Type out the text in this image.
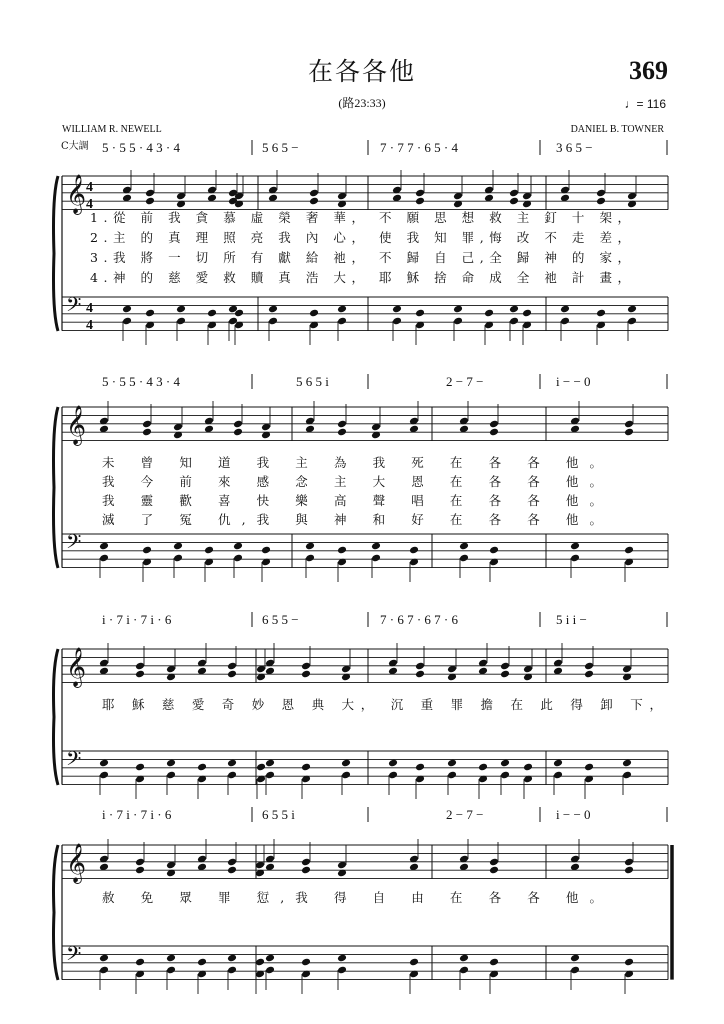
在各各他	369
(路23:33)	♩= 116
WILLIAM R. NEWELL	DANIEL B. TOWNER
C大調 5 · 5 5 · 4 3 · 4	5 6 5 −	7 · 7 7 · 6 5 · 4	3 6 5 −
𝄞 4
4
𝄢 4
4
1.從 前 我 貪 慕 虛 榮 奢 華， 不 願 思 想 救 主 釘 十 架，
2.主 的 真 理 照 亮 我 內 心， 使 我 知 罪,悔 改 不 走 差，
3.我 將 一 切 所 有 獻 給 祂， 不 歸 自 己,全 歸 神 的 家，
4.神 的 慈 愛 救 贖 真 浩 大， 耶 穌 捨 命 成 全 祂 計 畫，
5 · 5 5 · 4 3 · 4	5 6 5 i	2 − 7 −	i − − 0
𝄞
𝄢
未 曾 知 道 我 主 為 我 死 在 各 各 他。
我 今 前 來 感 念 主 大 恩 在 各 各 他。
我 靈 歡 喜 快 樂 高 聲 唱 在 各 各 他。
滅 了 冤 仇,我 與 神 和 好 在 各 各 他。
i · 7 i · 7 i · 6	6 5 5 −	7 · 6 7 · 6 7 · 6	5 i i −
𝄞
𝄢
耶 穌 慈 愛 奇 妙 恩 典 大， 沉 重 罪 擔 在 此 得 卸 下，
i · 7 i · 7 i · 6	6 5 5 i	2 − 7 −	i − − 0
𝄞
𝄢
赦 免 眾 罪 愆,我 得 自 由 在 各 各 他。
